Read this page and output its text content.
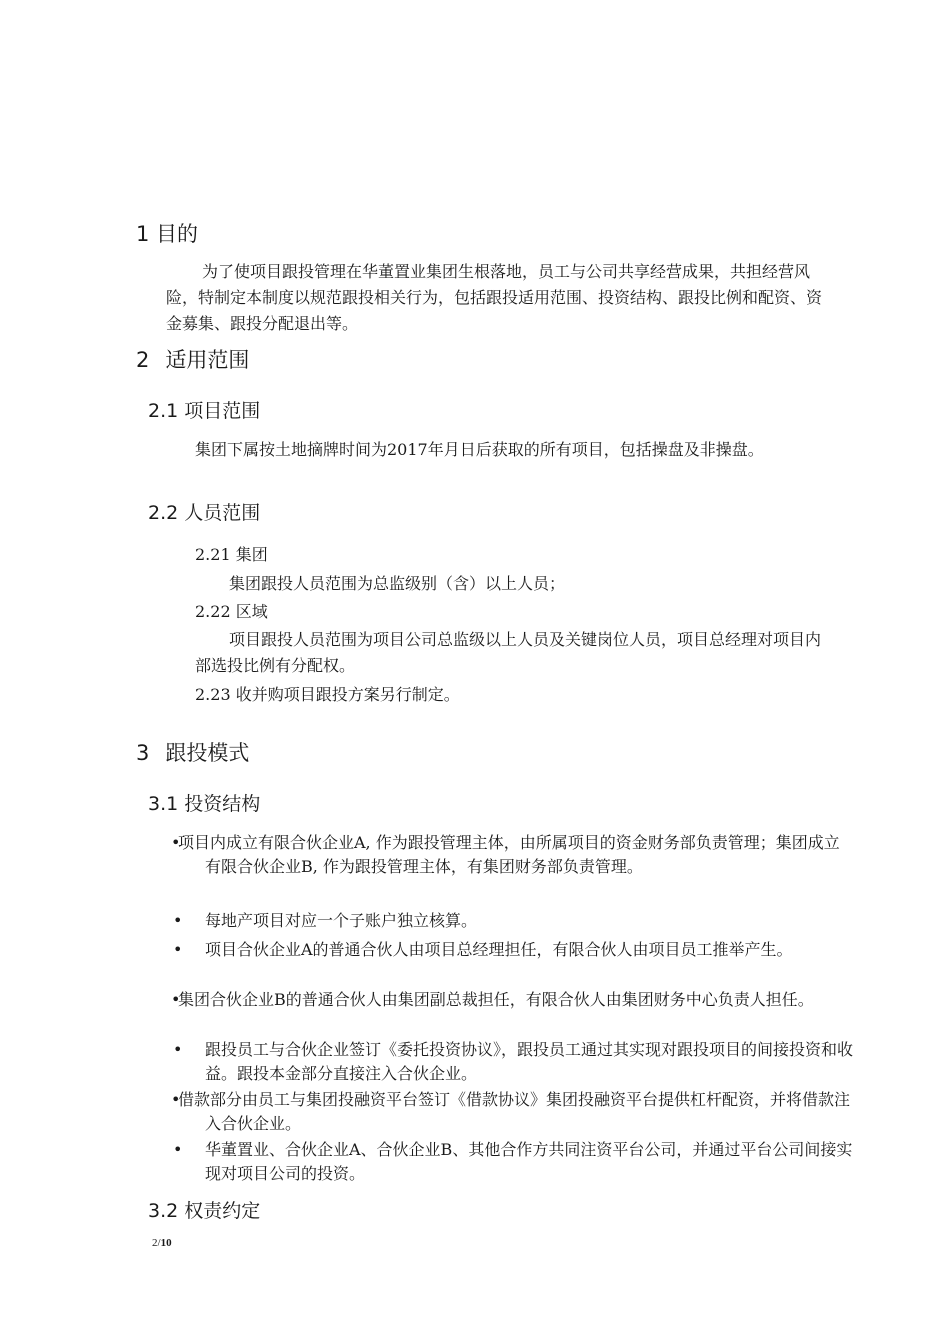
1 目的
为了使项目跟投管理在华董置业集团生根落地，员工与公司共享经营成果，共担经营风险，特制定本制度以规范跟投相关行为，包括跟投适用范围、投资结构、跟投比例和配资、资金募集、跟投分配退出等。
2 适用范围
2.1 项目范围
集团下属按土地摘牌时间为2017年月日后获取的所有项目，包括操盘及非操盘。
2.2 人员范围
2.21 集团
集团跟投人员范围为总监级别（含）以上人员；
2.22 区域
项目跟投人员范围为项目公司总监级以上人员及关键岗位人员，项目总经理对项目内部选投比例有分配权。
2.23 收并购项目跟投方案另行制定。
3 跟投模式
3.1 投资结构
•
项目内成立有限合伙企业A, 作为跟投管理主体，由所属项目的资金财务部负责管理；集团成立有限合伙企业B, 作为跟投管理主体，有集团财务部负责管理。
• 每地产项目对应一个子账户独立核算。
• 项目合伙企业A的普通合伙人由项目总经理担任，有限合伙人由项目员工推举产生。
•
集团合伙企业B的普通合伙人由集团副总裁担任，有限合伙人由集团财务中心负责人担任。
• 跟投员工与合伙企业签订《委托投资协议》，跟投员工通过其实现对跟投项目的间接投资和收益。跟投本金部分直接注入合伙企业。
•
借款部分由员工与集团投融资平台签订《借款协议》集团投融资平台提供杠杆配资，并将借款注入合伙企业。
• 华董置业、合伙企业A、合伙企业B、其他合作方共同注资平台公司，并通过平台公司间接实现对项目公司的投资。
3.2 权责约定
2/10
